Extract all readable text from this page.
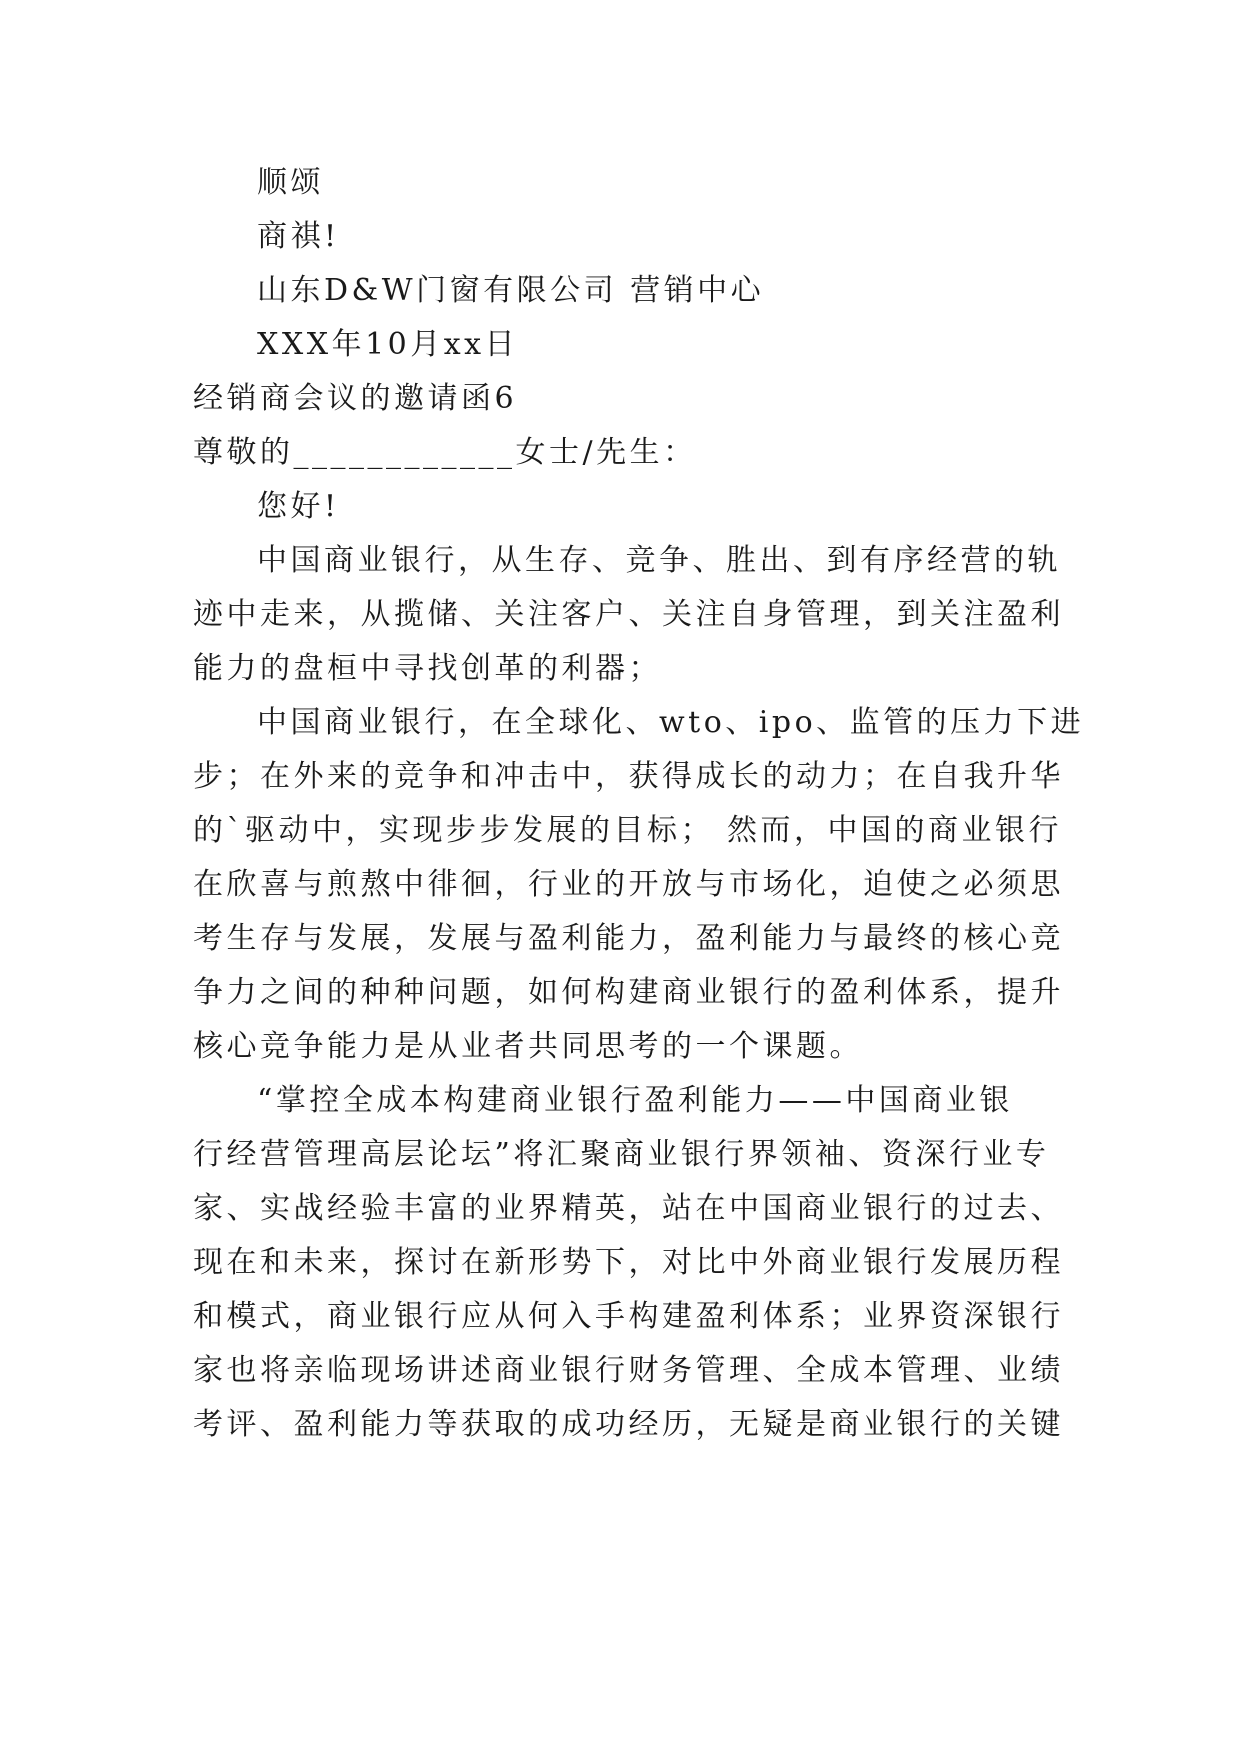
顺颂
商祺!
山东D&W门窗有限公司 营销中心
XXX年10月xx日
经销商会议的邀请函6
尊敬的____________女士/先生：
您好!
中国商业银行，从生存、竞争、胜出、到有序经营的轨
迹中走来，从揽储、关注客户、关注自身管理，到关注盈利
能力的盘桓中寻找创革的利器；
中国商业银行，在全球化、wto、ipo、监管的压力下进
步；在外来的竞争和冲击中，获得成长的动力；在自我升华
的`驱动中，实现步步发展的目标； 然而，中国的商业银行
在欣喜与煎熬中徘徊，行业的开放与市场化，迫使之必须思
考生存与发展，发展与盈利能力，盈利能力与最终的核心竞
争力之间的种种问题，如何构建商业银行的盈利体系，提升
核心竞争能力是从业者共同思考的一个课题。
“掌控全成本构建商业银行盈利能力——中国商业银
行经营管理高层论坛”将汇聚商业银行界领袖、资深行业专
家、实战经验丰富的业界精英，站在中国商业银行的过去、
现在和未来，探讨在新形势下，对比中外商业银行发展历程
和模式，商业银行应从何入手构建盈利体系；业界资深银行
家也将亲临现场讲述商业银行财务管理、全成本管理、业绩
考评、盈利能力等获取的成功经历，无疑是商业银行的关键
